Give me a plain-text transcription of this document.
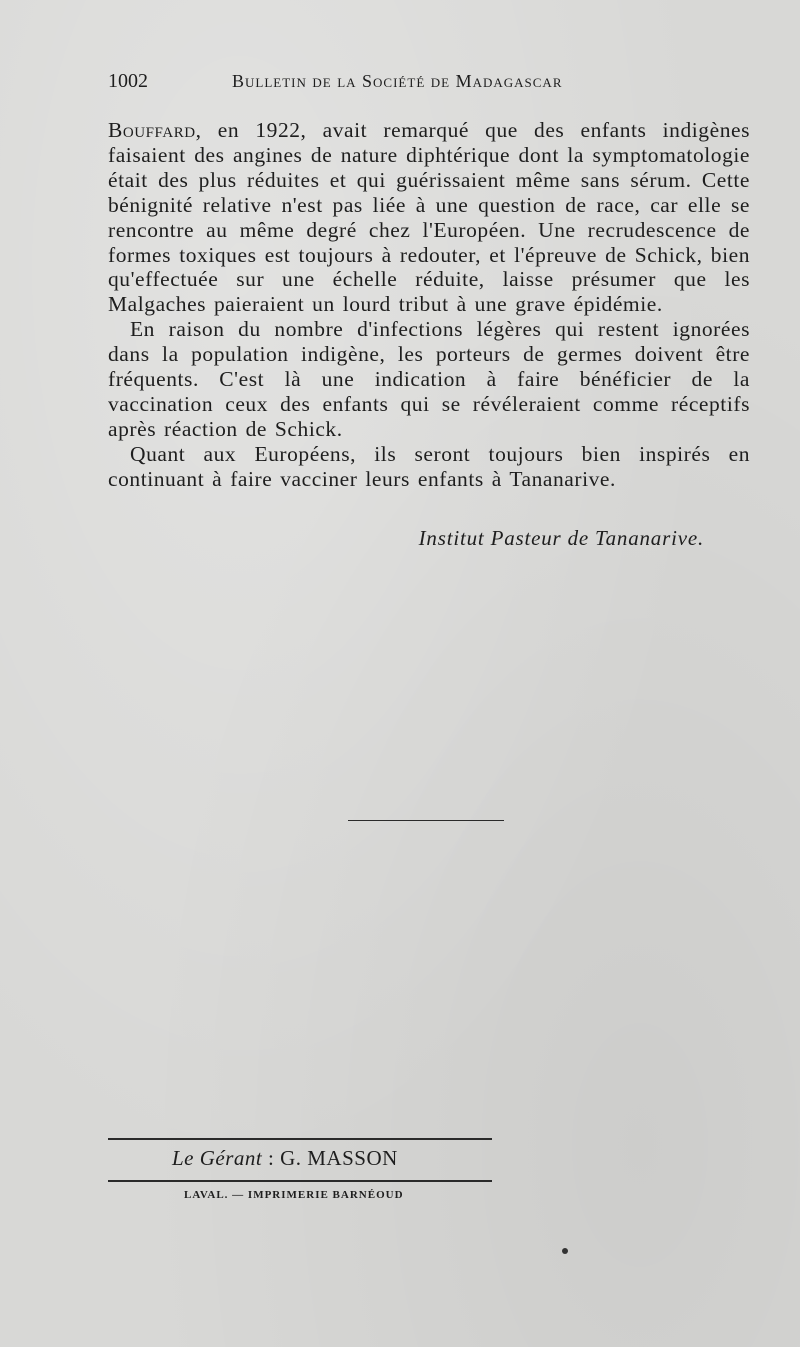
1002	Bulletin de la Société de Madagascar

Bouffard, en 1922, avait remarqué que des enfants indigènes faisaient des angines de nature diphtérique dont la symptomatologie était des plus réduites et qui guérissaient même sans sérum. Cette bénignité relative n'est pas liée à une question de race, car elle se rencontre au même degré chez l'Européen. Une recrudescence de formes toxiques est toujours à redouter, et l'épreuve de Schick, bien qu'effectuée sur une échelle réduite, laisse présumer que les Malgaches paieraient un lourd tribut à une grave épidémie.

En raison du nombre d'infections légères qui restent ignorées dans la population indigène, les porteurs de germes doivent être fréquents. C'est là une indication à faire bénéficier de la vaccination ceux des enfants qui se révéleraient comme réceptifs après réaction de Schick.

Quant aux Européens, ils seront toujours bien inspirés en continuant à faire vacciner leurs enfants à Tananarive.

Institut Pasteur de Tananarive.
Le Gérant : G. MASSON
LAVAL. — IMPRIMERIE BARNÉOUD
